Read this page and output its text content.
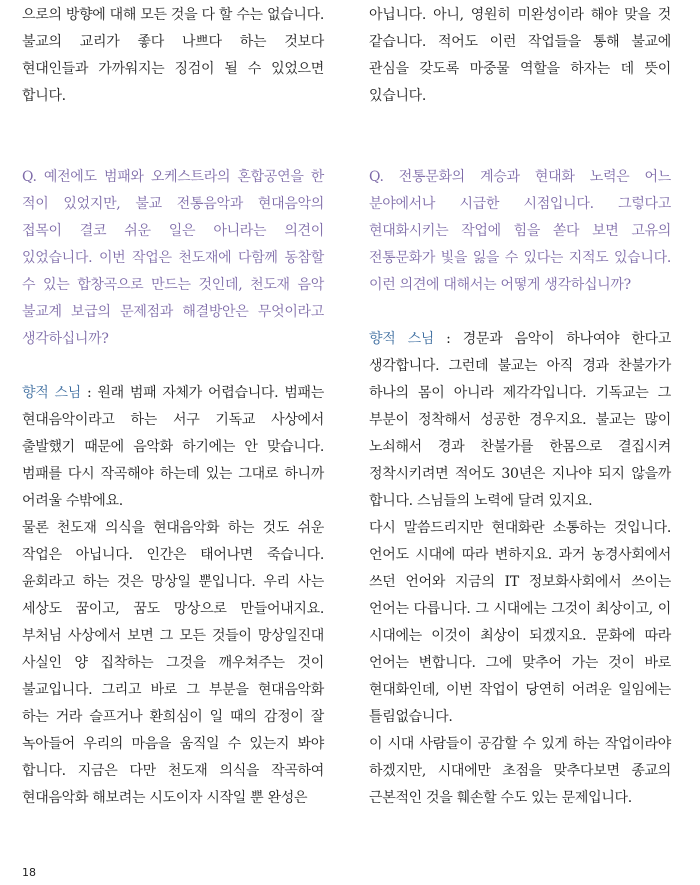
으로의 방향에 대해 모든 것을 다 할 수는 없습니다. 불교의 교리가 좋다 나쁘다 하는 것보다 현대인들과 가까워지는 징검이 될 수 있었으면 합니다.

Q. 예전에도 범패와 오케스트라의 혼합공연을 한 적이 있었지만, 불교 전통음악과 현대음악의 접목이 결코 쉬운 일은 아니라는 의견이 있었습니다. 이번 작업은 천도재에 다함께 동참할 수 있는 합창곡으로 만드는 것인데, 천도재 음악 불교계 보급의 문제점과 해결방안은 무엇이라고 생각하십니까?

향적 스님 : 원래 범패 자체가 어렵습니다. 범패는 현대음악이라고 하는 서구 기독교 사상에서 출발했기 때문에 음악화 하기에는 안 맞습니다. 범패를 다시 작곡해야 하는데 있는 그대로 하니까 어려울 수밖에요.

물론 천도재 의식을 현대음악화 하는 것도 쉬운 작업은 아닙니다. 인간은 태어나면 죽습니다. 윤회라고 하는 것은 망상일 뿐입니다. 우리 사는 세상도 꿈이고, 꿈도 망상으로 만들어내지요. 부처님 사상에서 보면 그 모든 것들이 망상일진대 사실인 양 집착하는 그것을 깨우쳐주는 것이 불교입니다. 그리고 바로 그 부분을 현대음악화 하는 거라 슬프거나 환희심이 일 때의 감정이 잘 녹아들어 우리의 마음을 움직일 수 있는지 봐야 합니다. 지금은 다만 천도재 의식을 작곡하여 현대음악화 해보려는 시도이자 시작일 뿐 완성은

아닙니다. 아니, 영원히 미완성이라 해야 맞을 것 같습니다. 적어도 이런 작업들을 통해 불교에 관심을 갖도록 마중물 역할을 하자는 데 뜻이 있습니다.

Q. 전통문화의 계승과 현대화 노력은 어느 분야에서나 시급한 시점입니다. 그렇다고 현대화시키는 작업에 힘을 쏟다 보면 고유의 전통문화가 빛을 잃을 수 있다는 지적도 있습니다. 이런 의견에 대해서는 어떻게 생각하십니까?

향적 스님 : 경문과 음악이 하나여야 한다고 생각합니다. 그런데 불교는 아직 경과 찬불가가 하나의 몸이 아니라 제각각입니다. 기독교는 그 부분이 정착해서 성공한 경우지요. 불교는 많이 노쇠해서 경과 찬불가를 한몸으로 결집시켜 정착시키려면 적어도 30년은 지나야 되지 않을까 합니다. 스님들의 노력에 달려 있지요.

다시 말씀드리지만 현대화란 소통하는 것입니다. 언어도 시대에 따라 변하지요. 과거 농경사회에서 쓰던 언어와 지금의 IT 정보화사회에서 쓰이는 언어는 다릅니다. 그 시대에는 그것이 최상이고, 이 시대에는 이것이 최상이 되겠지요. 문화에 따라 언어는 변합니다. 그에 맞추어 가는 것이 바로 현대화인데, 이번 작업이 당연히 어려운 일임에는 틀림없습니다.

이 시대 사람들이 공감할 수 있게 하는 작업이라야 하겠지만, 시대에만 초점을 맞추다보면 종교의 근본적인 것을 훼손할 수도 있는 문제입니다.

18
